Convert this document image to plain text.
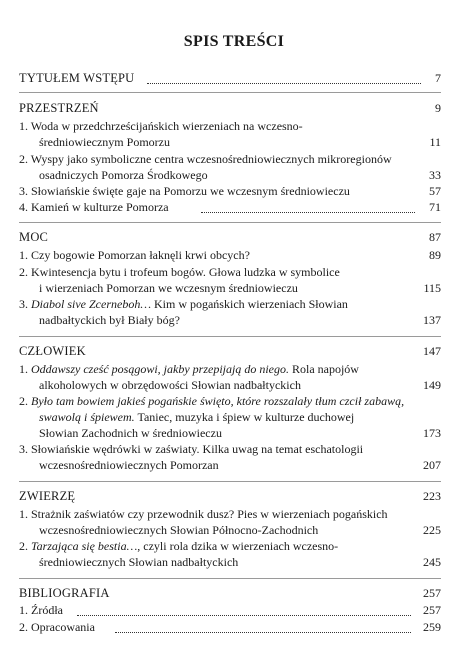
SPIS TREŚCI
TYTUŁEM WSTĘPU	7
PRZESTRZEŃ	9
1. Woda w przedchrześcijańskich wierzeniach na wczesno-
średniowiecznym Pomorzu	11
2. Wyspy jako symboliczne centra wczesnośredniowiecznych mikroregionów
osadniczych Pomorza Środkowego	33
3. Słowiańskie święte gaje na Pomorzu we wczesnym średniowieczu	57
4. Kamień w kulturze Pomorza	71
MOC	87
1. Czy bogowie Pomorzan łaknęli krwi obcych?	89
2. Kwintesencja bytu i trofeum bogów. Głowa ludzka w symbolice
i wierzeniach Pomorzan we wczesnym średniowieczu	115
3. Diabol sive Zcerneboh… Kim w pogańskich wierzeniach Słowian
nadbałtyckich był Biały bóg?	137
CZŁOWIEK	147
1. Oddawszy cześć posągowi, jakby przepijają do niego. Rola napojów
alkoholowych w obrzędowości Słowian nadbałtyckich	149
2. Było tam bowiem jakieś pogańskie święto, które rozszalały tłum czcił zabawą,
swawolą i śpiewem. Taniec, muzyka i śpiew w kulturze duchowej
Słowian Zachodnich w średniowieczu	173
3. Słowiańskie wędrówki w zaświaty. Kilka uwag na temat eschatologii
wczesnośredniowiecznych Pomorzan	207
ZWIERZĘ	223
1. Strażnik zaświatów czy przewodnik dusz? Pies w wierzeniach pogańskich
wczesnośredniowiecznych Słowian Północno-Zachodnich	225
2. Tarzająca się bestia…, czyli rola dzika w wierzeniach wczesno-
średniowiecznych Słowian nadbałtyckich	245
BIBLIOGRAFIA	257
1. Źródła	257
2. Opracowania	259
